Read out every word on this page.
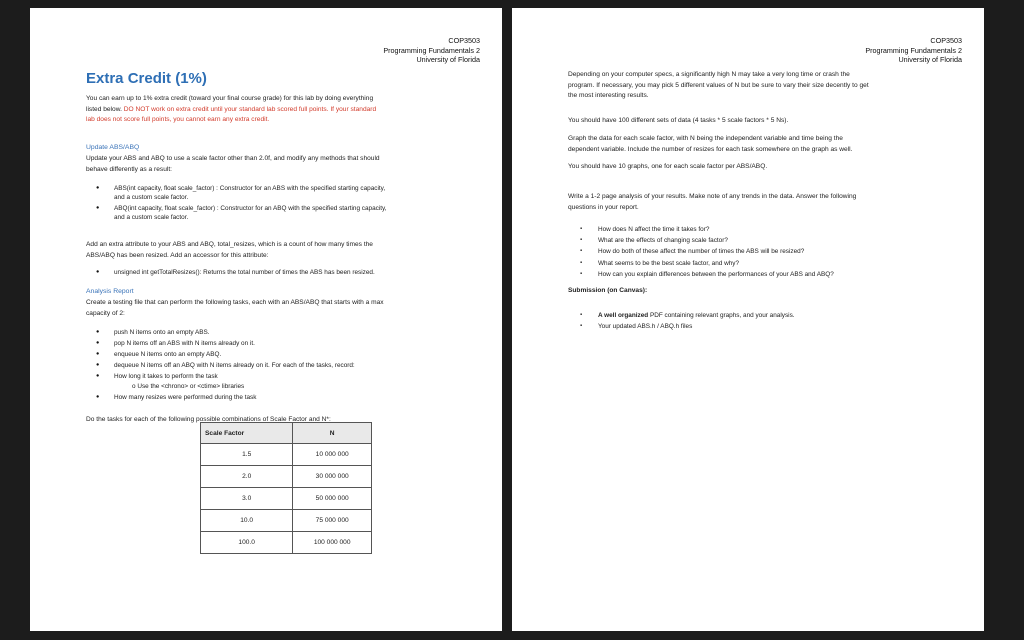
COP3503
Programming Fundamentals 2
University of Florida
Extra Credit (1%)
You can earn up to 1% extra credit (toward your final course grade) for this lab by doing everything
listed below. DO NOT work on extra credit until your standard lab scored full points. If your standard
lab does not score full points, you cannot earn any extra credit.
Update ABS/ABQ
Update your ABS and ABQ to use a scale factor other than 2.0f, and modify any methods that should
behave differently as a result:
● ABS(int capacity, float scale_factor) : Constructor for an ABS with the specified starting capacity,
and a custom scale factor.
● ABQ(int capacity, float scale_factor) : Constructor for an ABQ with the specified starting capacity,
and a custom scale factor.
Add an extra attribute to your ABS and ABQ, total_resizes, which is a count of how many times the
ABS/ABQ has been resized. Add an accessor for this attribute:
● unsigned int getTotalResizes(): Returns the total number of times the ABS has been resized.
Analysis Report
Create a testing file that can perform the following tasks, each with an ABS/ABQ that starts with a max
capacity of 2:
● push N items onto an empty ABS.
● pop N items off an ABS with N items already on it.
● enqueue N items onto an empty ABQ.
● dequeue N items off an ABQ with N items already on it. For each of the tasks, record:
● How long it takes to perform the task
o Use the <chrono> or <ctime> libraries
● How many resizes were performed during the task
Do the tasks for each of the following possible combinations of Scale Factor and N*:
Scale Factor	N
1.5	10 000 000
2.0	30 000 000
3.0	50 000 000
10.0	75 000 000
100.0	100 000 000
COP3503
Programming Fundamentals 2
University of Florida
Depending on your computer specs, a significantly high N may take a very long time or crash the
program. If necessary, you may pick 5 different values of N but be sure to vary their size decently to get
the most interesting results.
You should have 100 different sets of data (4 tasks * 5 scale factors * 5 Ns).
Graph the data for each scale factor, with N being the independent variable and time being the
dependent variable. Include the number of resizes for each task somewhere on the graph as well.
You should have 10 graphs, one for each scale factor per ABS/ABQ.
Write a 1-2 page analysis of your results. Make note of any trends in the data. Answer the following
questions in your report.
▪ How does N affect the time it takes for?
▪ What are the effects of changing scale factor?
▪ How do both of these affect the number of times the ABS will be resized?
▪ What seems to be the best scale factor, and why?
▪ How can you explain differences between the performances of your ABS and ABQ?
Submission (on Canvas):
▪ A well organized PDF containing relevant graphs, and your analysis.
▪ Your updated ABS.h / ABQ.h files
